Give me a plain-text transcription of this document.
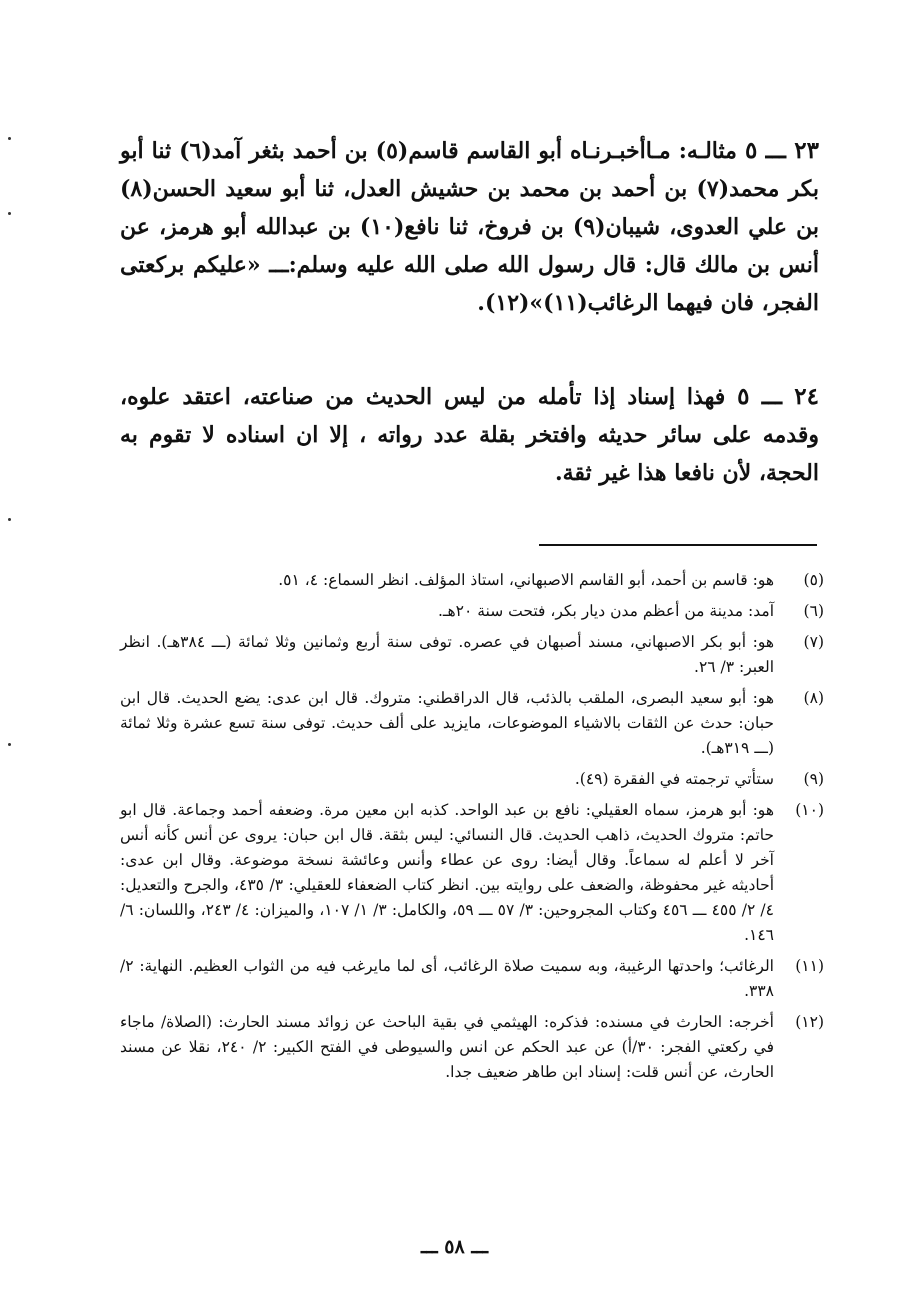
٢٣ ـــ ٥ مثالـه: مـاأخبـرنـاه أبو القاسم قاسم(٥) بن أحمد بثغر آمد(٦) ثنا أبو بكر محمد(٧) بن أحمد بن محمد بن حشيش العدل، ثنا أبو سعيد الحسن(٨) بن علي العدوى، شيبان(٩) بن فروخ، ثنا نافع(١٠) بن عبدالله أبو هرمز، عن أنس بن مالك قال: قال رسول الله صلى الله عليه وسلم:ـــ «عليكم بركعتى الفجر، فان فيهما الرغائب(١١)»(١٢).

٢٤ ـــ ٥ فهذا إسناد إذا تأمله من ليس الحديث من صناعته، اعتقد علوه، وقدمه على سائر حديثه وافتخر بقلة عدد رواته ، إلا ان اسناده لا تقوم به الحجة، لأن نافعا هذا غير ثقة.

(٥)
هو: قاسم بن أحمد، أبو القاسم الاصبهاني، استاذ المؤلف. انظر السماع: ٤، ٥١.
(٦)
آمد: مدينة من أعظم مدن ديار بكر، فتحت سنة ٢٠هـ.
(٧)
هو: أبو بكر الاصبهاني، مسند أصبهان في عصره. توفى سنة أربع وثمانين وثلا ثمائة (ـــ ٣٨٤هـ). انظر العبر: ٣/ ٢٦.
(٨)
هو: أبو سعيد البصرى، الملقب بالذئب، قال الدراقطني: متروك. قال ابن عدى: يضع الحديث. قال ابن حبان: حدث عن الثقات بالاشياء الموضوعات، مايزيد على ألف حديث. توفى سنة تسع عشرة وثلا ثمائة (ـــ ٣١٩هـ).
(٩)
ستأتي ترجمته في الفقرة (٤٩).
(١٠)
هو: أبو هرمز، سماه العقيلي: نافع بن عبد الواحد. كذبه ابن معين مرة. وضعفه أحمد وجماعة. قال ابو حاتم: متروك الحديث، ذاهب الحديث. قال النسائي: ليس بثقة. قال ابن حبان: يروى عن أنس كأنه أنس آخر لا أعلم له سماعاً. وقال أيضا: روى عن عطاء وأنس وعائشة نسخة موضوعة. وقال ابن عدى: أحاديثه غير محفوظة، والضعف على روايته بين. انظر كتاب الضعفاء للعقيلي: ٣/ ٤٣٥، والجرح والتعديل: ٤/ ٢/ ٤٥٥ ـــ ٤٥٦ وكتاب المجروحين: ٣/ ٥٧ ـــ ٥٩، والكامل: ٣/ ١/ ١٠٧، والميزان: ٤/ ٢٤٣، واللسان: ٦/ ١٤٦.
(١١)
الرغائب؛ واحدتها الرغيبة، وبه سميت صلاة الرغائب، أى لما مايرغب فيه من الثواب العظيم. النهاية: ٢/ ٣٣٨.
(١٢)
أخرجه: الحارث في مسنده: فذكره: الهيثمي في بقية الباحث عن زوائد مسند الحارث: (الصلاة/ ماجاء في ركعتي الفجر: ٣٠/أ) عن عبد الحكم عن انس والسيوطى في الفتح الكبير: ٢/ ٢٤٠، نقلا عن مسند الحارث، عن أنس قلت: إسناد ابن طاهر ضعيف جدا.
ـــ ٥٨ ـــ
